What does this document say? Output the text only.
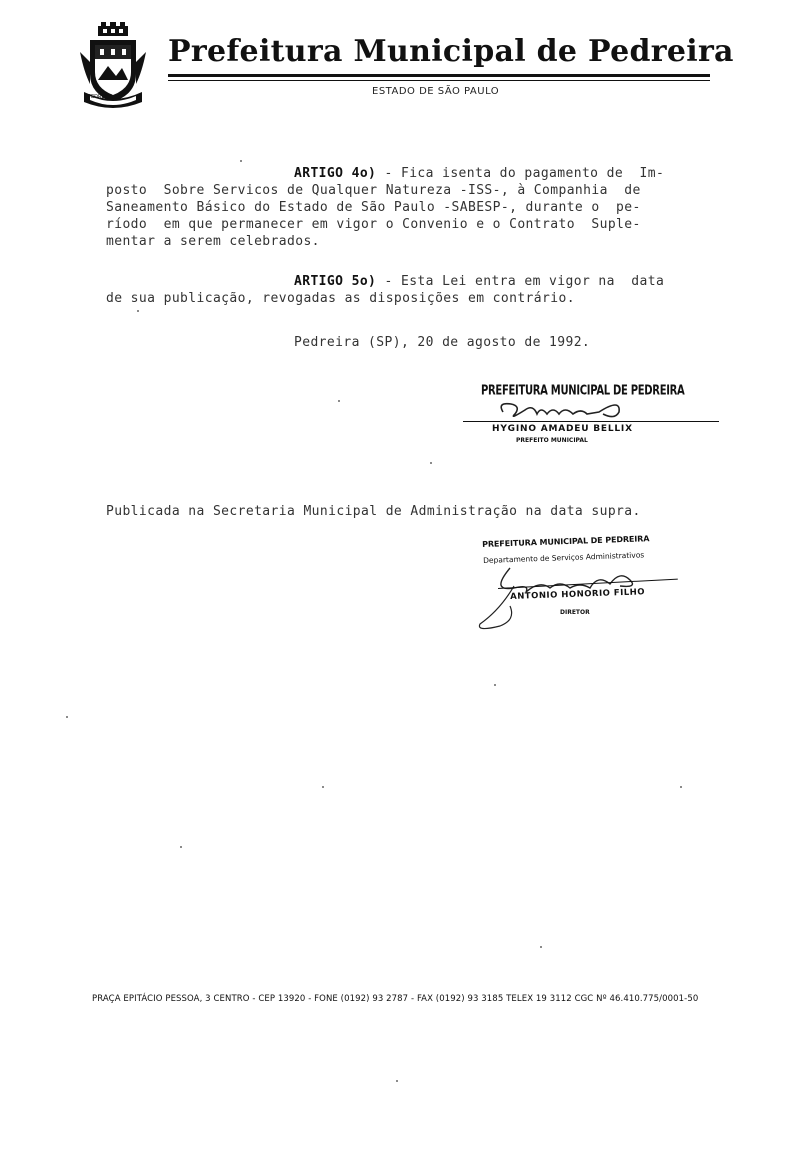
PEDREIRA
Prefeitura Municipal de Pedreira
ESTADO DE SÃO PAULO
ARTIGO 4o) - Fica isenta do pagamento de  Im-
posto  Sobre Servicos de Qualquer Natureza -ISS-, à Companhia  de
Saneamento Básico do Estado de São Paulo -SABESP-, durante o  pe-
ríodo  em que permanecer em vigor o Convenio e o Contrato  Suple-
mentar a serem celebrados.
ARTIGO 5o) - Esta Lei entra em vigor na  data
de sua publicação, revogadas as disposições em contrário.
Pedreira (SP), 20 de agosto de 1992.
PREFEITURA MUNICIPAL DE PEDREIRA
HYGINO AMADEU BELLIX
PREFEITO MUNICIPAL
Publicada na Secretaria Municipal de Administração na data supra.
PREFEITURA MUNICIPAL DE PEDREIRA
Departamento de Serviços Administrativos
ANTONIO HONORIO FILHO
DIRETOR
PRAÇA EPITÁCIO PESSOA, 3 CENTRO - CEP 13920 - FONE (0192) 93 2787 - FAX (0192) 93 3185 TELEX 19 3112 CGC Nº 46.410.775/0001-50
